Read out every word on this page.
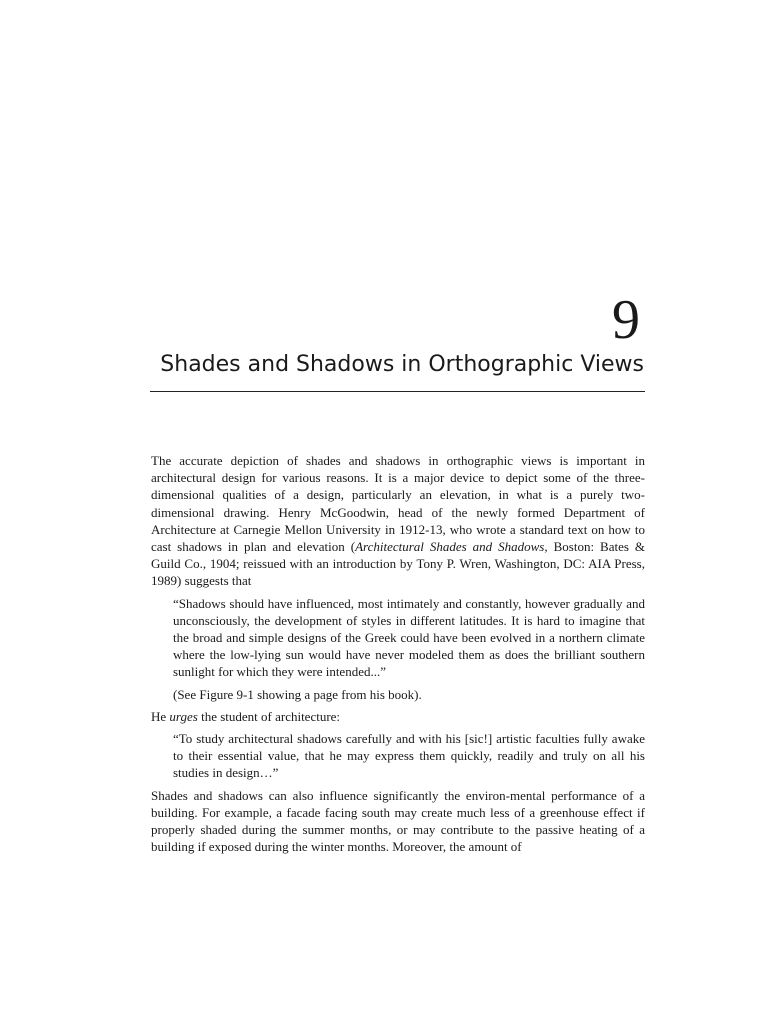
9
Shades and Shadows in Orthographic Views

The accurate depiction of shades and shadows in orthographic views is important in architectural design for various reasons. It is a major device to depict some of the three-dimensional qualities of a design, particularly an elevation, in what is a purely two-dimensional drawing. Henry McGoodwin, head of the newly formed Department of Architecture at Carnegie Mellon University in 1912-13, who wrote a standard text on how to cast shadows in plan and elevation (Architectural Shades and Shadows, Boston: Bates & Guild Co., 1904; reissued with an introduction by Tony P. Wren, Washington, DC: AIA Press, 1989) suggests that

“Shadows should have influenced, most intimately and constantly, however gradually and unconsciously, the development of styles in different latitudes. It is hard to imagine that the broad and simple designs of the Greek could have been evolved in a northern climate where the low-lying sun would have never modeled them as does the brilliant southern sunlight for which they were intended...”

(See Figure 9-1 showing a page from his book).

He urges the student of architecture:

“To study architectural shadows carefully and with his [sic!] artistic faculties fully awake to their essential value, that he may express them quickly, readily and truly on all his studies in design…”

Shades and shadows can also influence significantly the environ-mental performance of a building. For example, a facade facing south may create much less of a greenhouse effect if properly shaded during the summer months, or may contribute to the passive heating of a building if exposed during the winter months. Moreover, the amount of
